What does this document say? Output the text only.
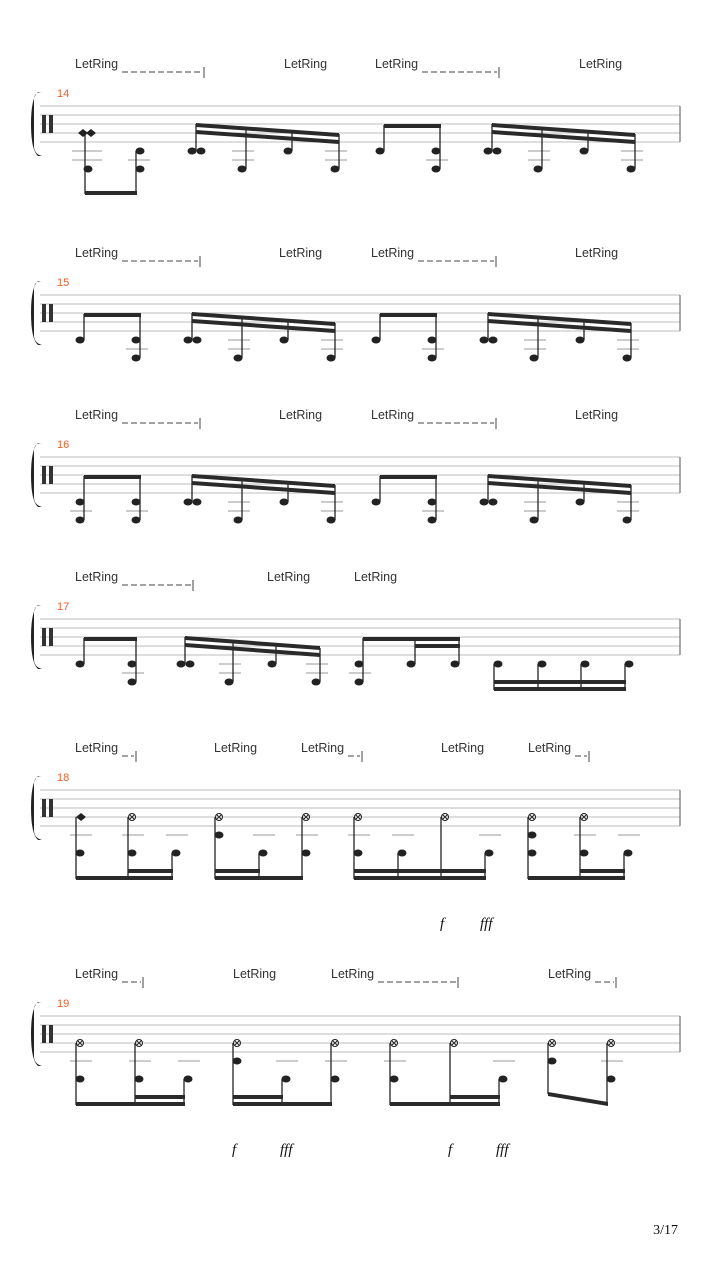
LetRing	LetRing	LetRing	LetRing
14
LetRing	LetRing	LetRing	LetRing
15
LetRing	LetRing	LetRing	LetRing
16
LetRing	LetRing	LetRing
17
LetRing	LetRing	LetRing	LetRing	LetRing
18
f fff
LetRing	LetRing	LetRing	LetRing
19
f	fff	f	fff
3/17
